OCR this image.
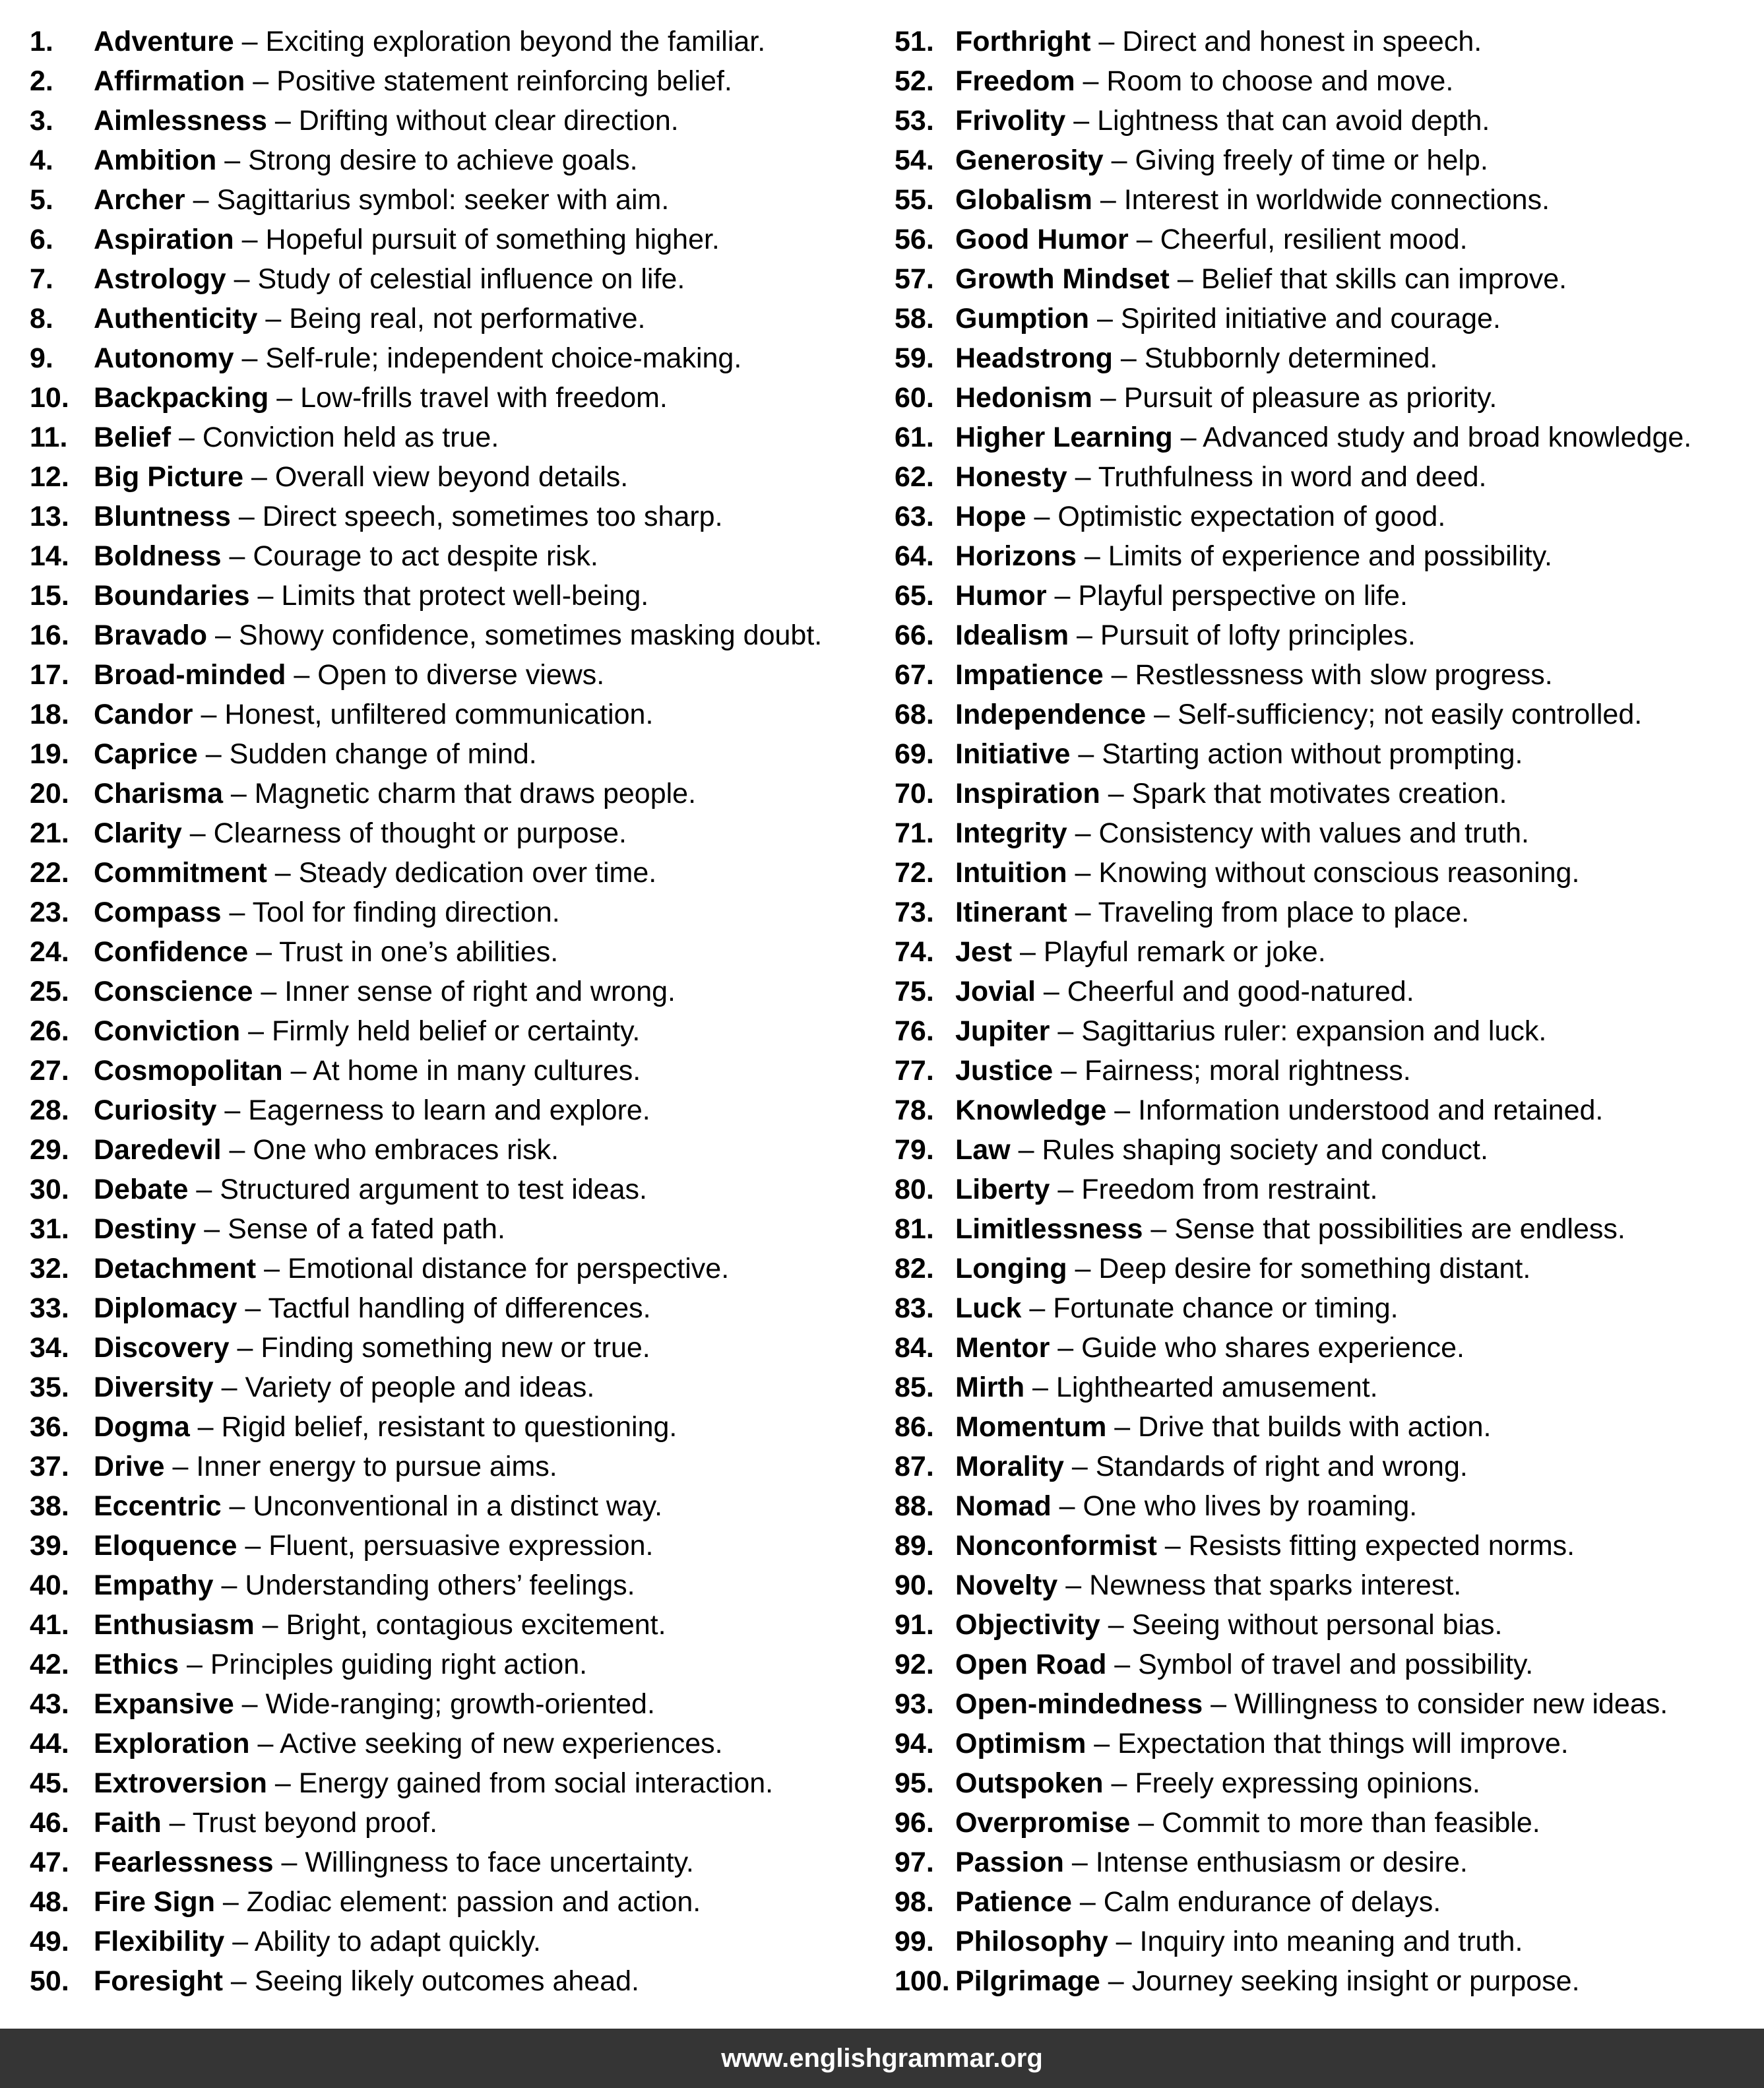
1.	Adventure – Exciting exploration beyond the familiar.
2.	Affirmation – Positive statement reinforcing belief.
3.	Aimlessness – Drifting without clear direction.
4.	Ambition – Strong desire to achieve goals.
5.	Archer – Sagittarius symbol: seeker with aim.
6.	Aspiration – Hopeful pursuit of something higher.
7.	Astrology – Study of celestial influence on life.
8.	Authenticity – Being real, not performative.
9.	Autonomy – Self-rule; independent choice-making.
10. Backpacking – Low-frills travel with freedom.
11. Belief – Conviction held as true.
12. Big Picture – Overall view beyond details.
13. Bluntness – Direct speech, sometimes too sharp.
14. Boldness – Courage to act despite risk.
15. Boundaries – Limits that protect well-being.
16. Bravado – Showy confidence, sometimes masking doubt.
17. Broad-minded – Open to diverse views.
18. Candor – Honest, unfiltered communication.
19. Caprice – Sudden change of mind.
20. Charisma – Magnetic charm that draws people.
21. Clarity – Clearness of thought or purpose.
22. Commitment – Steady dedication over time.
23. Compass – Tool for finding direction.
24. Confidence – Trust in one’s abilities.
25. Conscience – Inner sense of right and wrong.
26. Conviction – Firmly held belief or certainty.
27. Cosmopolitan – At home in many cultures.
28. Curiosity – Eagerness to learn and explore.
29. Daredevil – One who embraces risk.
30. Debate – Structured argument to test ideas.
31. Destiny – Sense of a fated path.
32. Detachment – Emotional distance for perspective.
33. Diplomacy – Tactful handling of differences.
34. Discovery – Finding something new or true.
35. Diversity – Variety of people and ideas.
36. Dogma – Rigid belief, resistant to questioning.
37. Drive – Inner energy to pursue aims.
38. Eccentric – Unconventional in a distinct way.
39. Eloquence – Fluent, persuasive expression.
40. Empathy – Understanding others’ feelings.
41. Enthusiasm – Bright, contagious excitement.
42. Ethics – Principles guiding right action.
43. Expansive – Wide-ranging; growth-oriented.
44. Exploration – Active seeking of new experiences.
45. Extroversion – Energy gained from social interaction.
46. Faith – Trust beyond proof.
47. Fearlessness – Willingness to face uncertainty.
48. Fire Sign – Zodiac element: passion and action.
49. Flexibility – Ability to adapt quickly.
50. Foresight – Seeing likely outcomes ahead.
51. Forthright – Direct and honest in speech.
52. Freedom – Room to choose and move.
53. Frivolity – Lightness that can avoid depth.
54. Generosity – Giving freely of time or help.
55. Globalism – Interest in worldwide connections.
56. Good Humor – Cheerful, resilient mood.
57. Growth Mindset – Belief that skills can improve.
58. Gumption – Spirited initiative and courage.
59. Headstrong – Stubbornly determined.
60. Hedonism – Pursuit of pleasure as priority.
61. Higher Learning – Advanced study and broad knowledge.
62. Honesty – Truthfulness in word and deed.
63. Hope – Optimistic expectation of good.
64. Horizons – Limits of experience and possibility.
65. Humor – Playful perspective on life.
66. Idealism – Pursuit of lofty principles.
67. Impatience – Restlessness with slow progress.
68. Independence – Self-sufficiency; not easily controlled.
69. Initiative – Starting action without prompting.
70. Inspiration – Spark that motivates creation.
71. Integrity – Consistency with values and truth.
72. Intuition – Knowing without conscious reasoning.
73. Itinerant – Traveling from place to place.
74. Jest – Playful remark or joke.
75. Jovial – Cheerful and good-natured.
76. Jupiter – Sagittarius ruler: expansion and luck.
77. Justice – Fairness; moral rightness.
78. Knowledge – Information understood and retained.
79. Law – Rules shaping society and conduct.
80. Liberty – Freedom from restraint.
81. Limitlessness – Sense that possibilities are endless.
82. Longing – Deep desire for something distant.
83. Luck – Fortunate chance or timing.
84. Mentor – Guide who shares experience.
85. Mirth – Lighthearted amusement.
86. Momentum – Drive that builds with action.
87. Morality – Standards of right and wrong.
88. Nomad – One who lives by roaming.
89. Nonconformist – Resists fitting expected norms.
90. Novelty – Newness that sparks interest.
91. Objectivity – Seeing without personal bias.
92. Open Road – Symbol of travel and possibility.
93. Open-mindedness – Willingness to consider new ideas.
94. Optimism – Expectation that things will improve.
95. Outspoken – Freely expressing opinions.
96. Overpromise – Commit to more than feasible.
97. Passion – Intense enthusiasm or desire.
98. Patience – Calm endurance of delays.
99. Philosophy – Inquiry into meaning and truth.
100. Pilgrimage – Journey seeking insight or purpose.
www.englishgrammar.org
